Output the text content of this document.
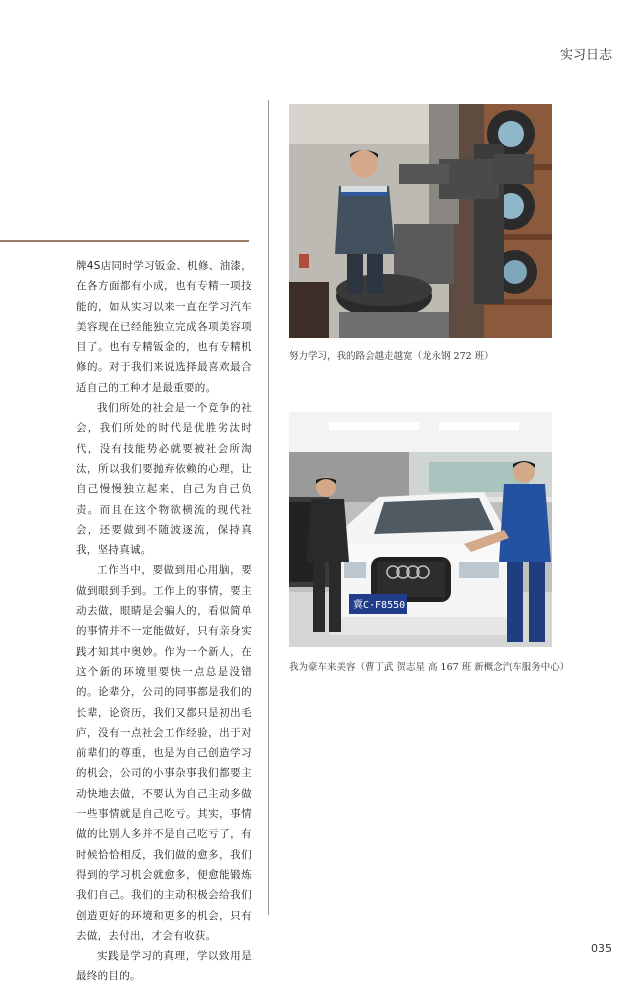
实习日志

牌4S店同时学习钣金、机修、油漆，在各方面都有小成，也有专精一项技能的，如从实习以来一直在学习汽车美容现在已经能独立完成各项美容项目了。也有专精钣金的，也有专精机修的。对于我们来说选择最喜欢最合适自己的工种才是最重要的。

我们所处的社会是一个竞争的社会，我们所处的时代是优胜劣汰时代，没有技能势必就要被社会所淘汰，所以我们要抛弃依赖的心理，让自己慢慢独立起来，自己为自己负责。而且在这个物欲横流的现代社会，还要做到不随波逐流，保持真我，坚持真诚。

工作当中，要做到用心用脑，要做到眼到手到。工作上的事情，要主动去做，眼睛是会骗人的，看似简单的事情并不一定能做好，只有亲身实践才知其中奥妙。作为一个新人，在这个新的环境里要快一点总是没错的。论辈分，公司的同事都是我们的长辈，论资历，我们又都只是初出毛庐，没有一点社会工作经验，出于对前辈们的尊重，也是为自己创造学习的机会，公司的小事杂事我们都要主动快地去做，不要认为自己主动多做一些事情就是自己吃亏。其实，事情做的比别人多并不是自己吃亏了，有时候恰恰相反，我们做的愈多，我们得到的学习机会就愈多，便愈能锻炼我们自己。我们的主动积极会给我们创造更好的环境和更多的机会，只有去做，去付出，才会有收获。

实践是学习的真理，学以致用是最终的目的。

努力学习，我的路会越走越宽（龙永钢 272 班）
冀C·F8550
我为豪车来美容（曹丁武 贺志星 高 167 班 新概念汽车服务中心）
035
